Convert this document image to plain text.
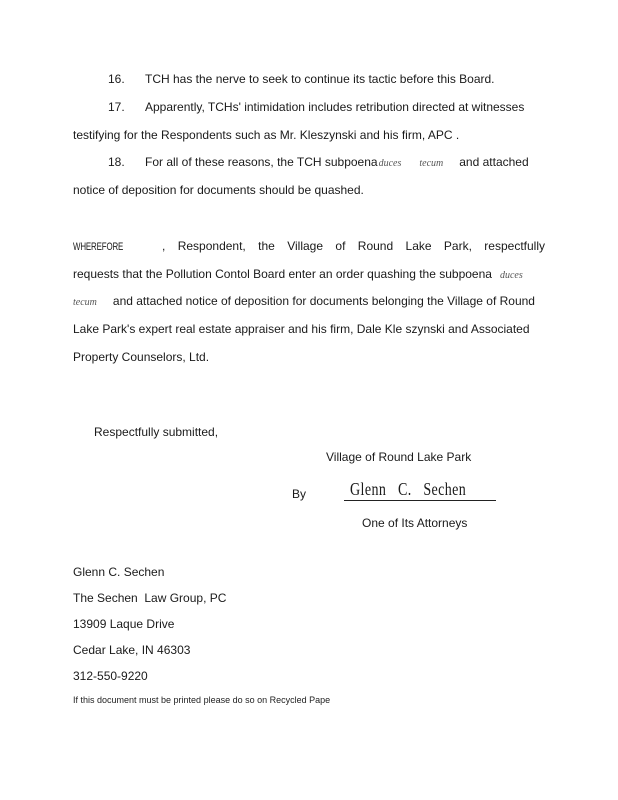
16. TCH has the nerve to seek to continue its tactic before this Board.
17. Apparently, TCHs' intimidation includes retribution directed at witnesses
testifying for the Respondents such as Mr. Kleszynski and his firm, APC .
18. For all of these reasons, the TCH subpoenaduces tecum and attached
notice of deposition for documents should be quashed.
WHEREFORE	, Respondent, the Village of Round Lake Park, respectfully
requests that the Pollution Contol Board enter an order quashing the subpoena duces
tecum and attached notice of deposition for documents belonging the Village of Round
Lake Park's expert real estate appraiser and his firm, Dale Kle szynski and Associated
Property Counselors, Ltd.
Respectfully submitted,
Village of Round Lake Park
By Glenn   C.   Sechen
One of Its Attorneys
Glenn C. Sechen
The Sechen  Law Group, PC
13909 Laque Drive
Cedar Lake, IN 46303
312-550-9220
If this document must be printed please do so on Recycled Pape
